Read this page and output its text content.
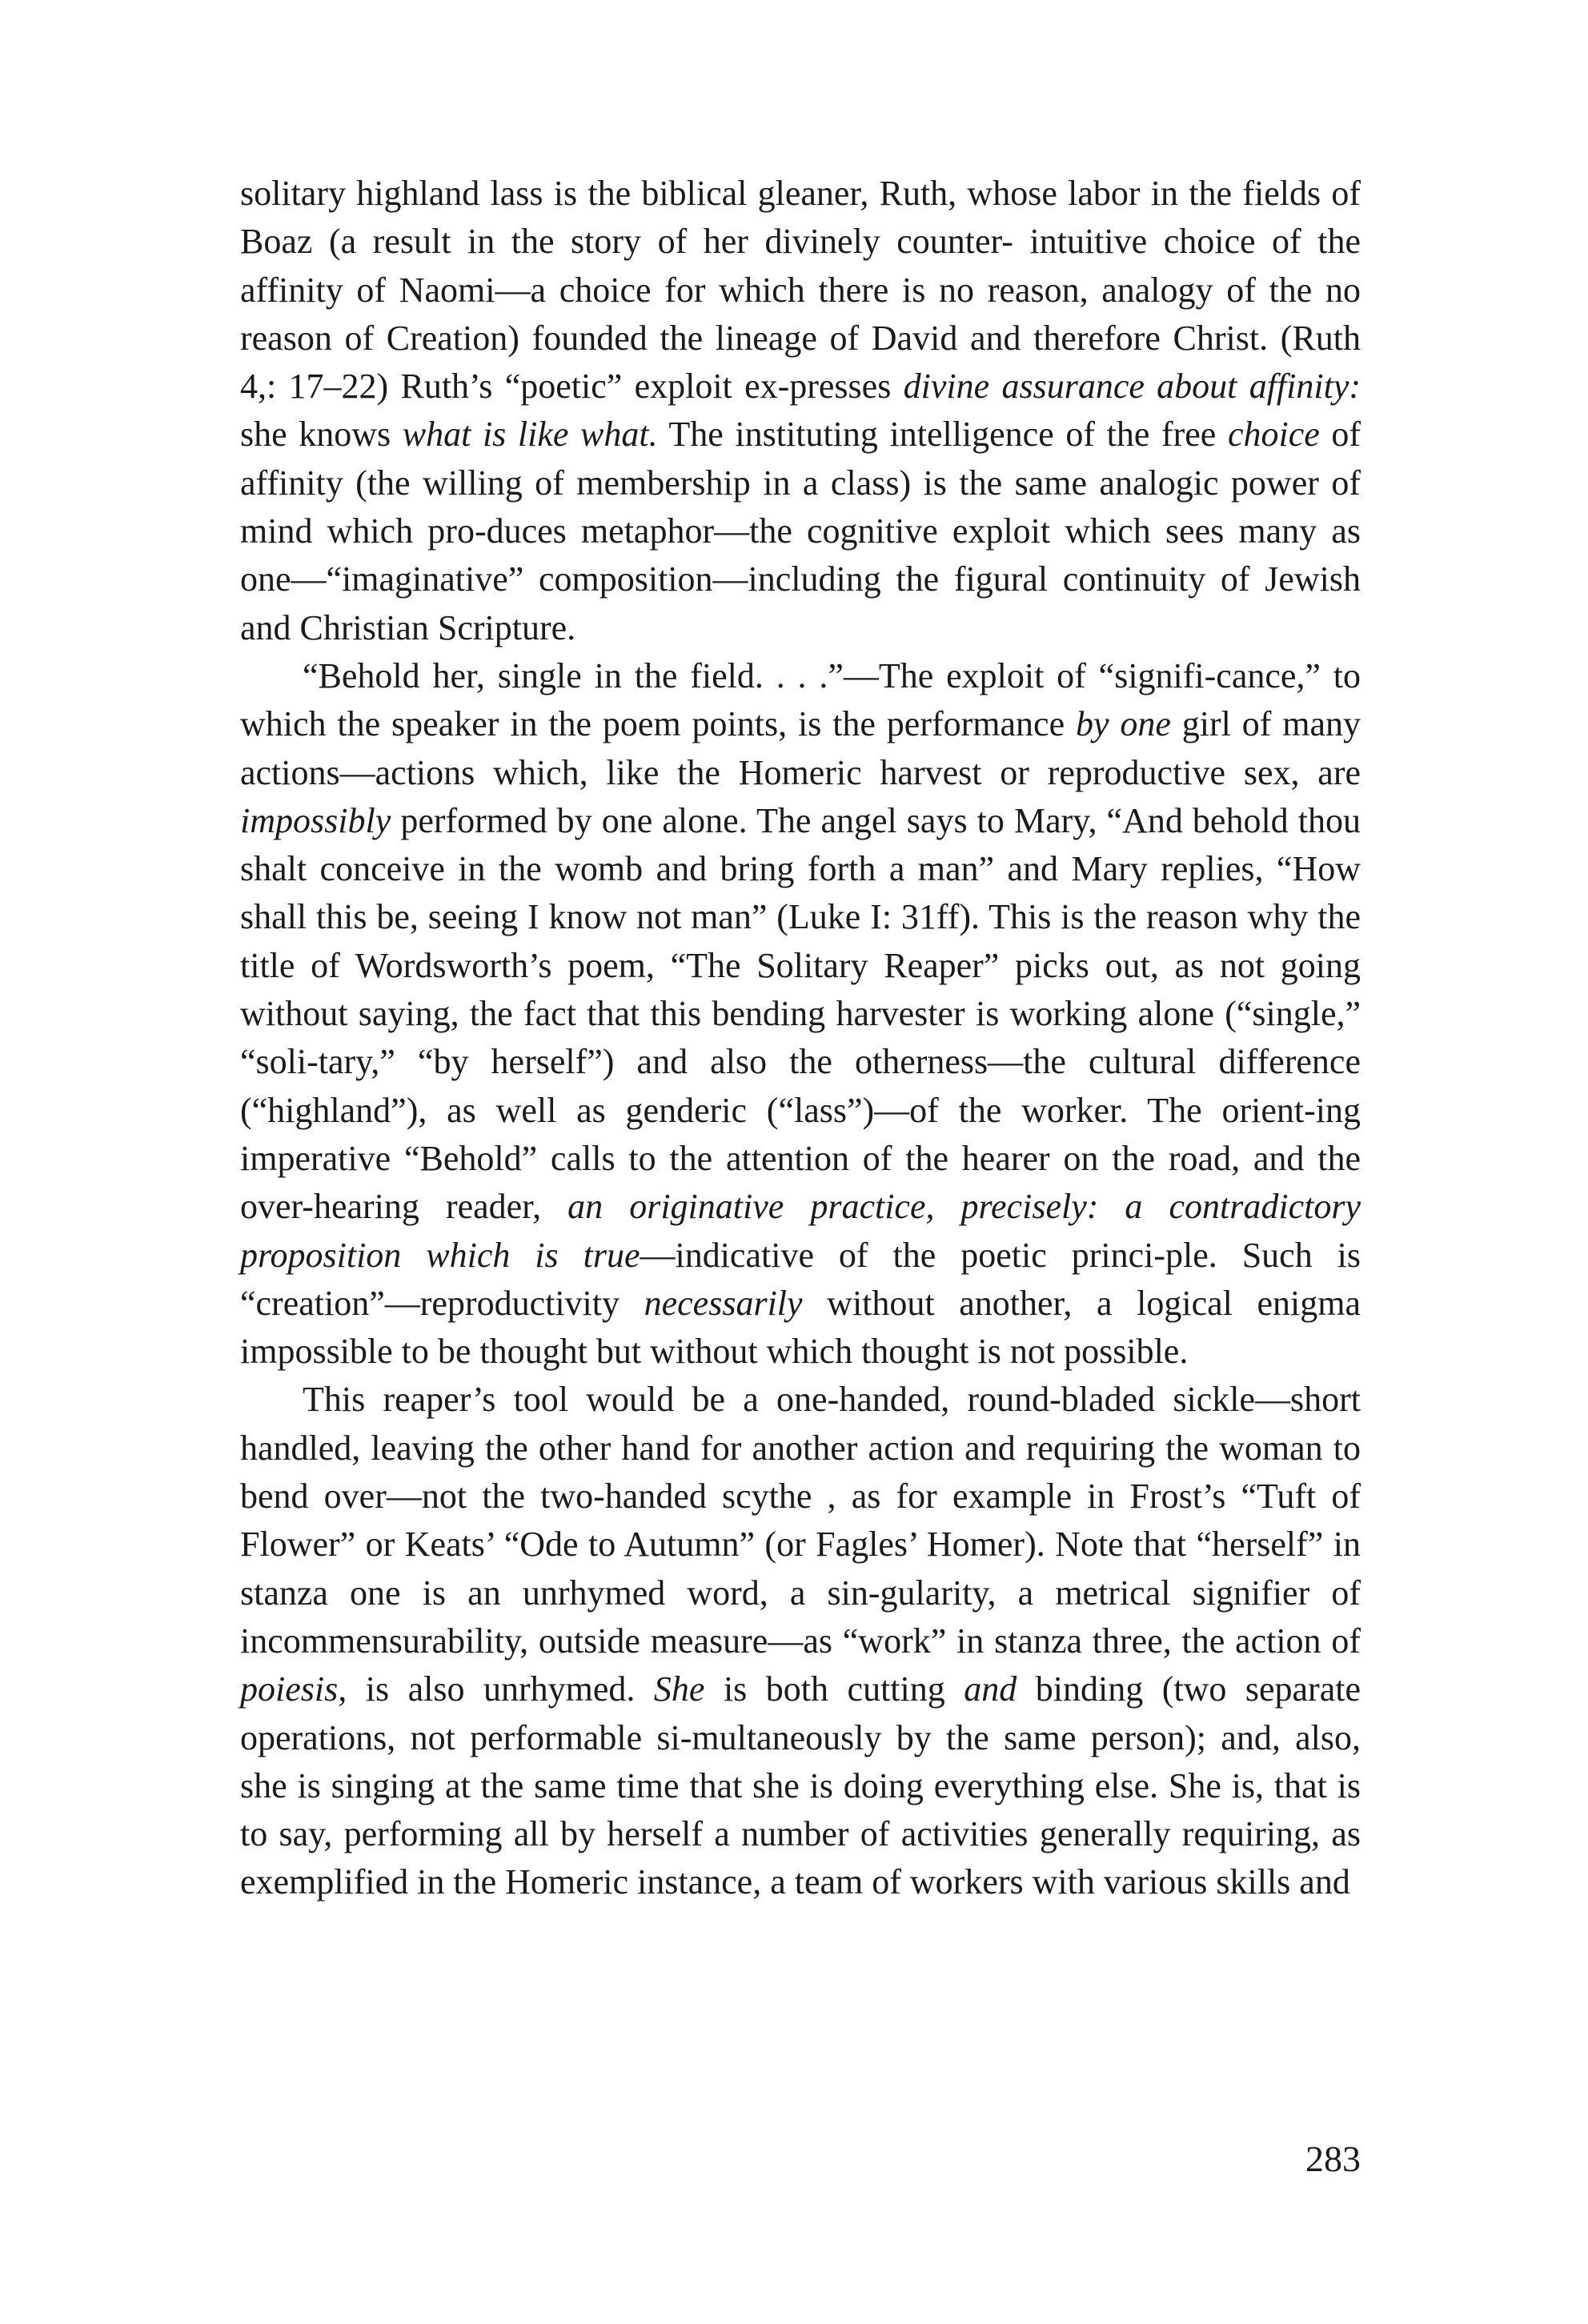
solitary highland lass is the biblical gleaner, Ruth, whose labor in the fields of Boaz (a result in the story of her divinely counter- intuitive choice of the affinity of Naomi—a choice for which there is no reason, analogy of the no reason of Creation) founded the lineage of David and therefore Christ. (Ruth 4,: 17–22) Ruth’s “poetic” exploit ex-presses divine assurance about affinity: she knows what is like what. The instituting intelligence of the free choice of affinity (the willing of membership in a class) is the same analogic power of mind which pro-duces metaphor—the cognitive exploit which sees many as one—“imaginative” composition—including the figural continuity of Jewish and Christian Scripture.

“Behold her, single in the field. . . .”—The exploit of “signifi-cance,” to which the speaker in the poem points, is the performance by one girl of many actions—actions which, like the Homeric harvest or reproductive sex, are impossibly performed by one alone. The angel says to Mary, “And behold thou shalt conceive in the womb and bring forth a man” and Mary replies, “How shall this be, seeing I know not man” (Luke I: 31ff). This is the reason why the title of Wordsworth’s poem, “The Solitary Reaper” picks out, as not going without saying, the fact that this bending harvester is working alone (“single,” “soli-tary,” “by herself”) and also the otherness—the cultural difference (“highland”), as well as genderic (“lass”)—of the worker. The orient-ing imperative “Behold” calls to the attention of the hearer on the road, and the over-hearing reader, an originative practice, precisely: a contradictory proposition which is true—indicative of the poetic princi-ple. Such is “creation”—reproductivity necessarily without another, a logical enigma impossible to be thought but without which thought is not possible.

This reaper’s tool would be a one-handed, round-bladed sickle—short handled, leaving the other hand for another action and requiring the woman to bend over—not the two-handed scythe , as for example in Frost’s “Tuft of Flower” or Keats’ “Ode to Autumn” (or Fagles’ Homer). Note that “herself” in stanza one is an unrhymed word, a sin-gularity, a metrical signifier of incommensurability, outside measure—as “work” in stanza three, the action of poiesis, is also unrhymed. She is both cutting and binding (two separate operations, not performable si-multaneously by the same person); and, also, she is singing at the same time that she is doing everything else. She is, that is to say, performing all by herself a number of activities generally requiring, as exemplified in the Homeric instance, a team of workers with various skills and

283
